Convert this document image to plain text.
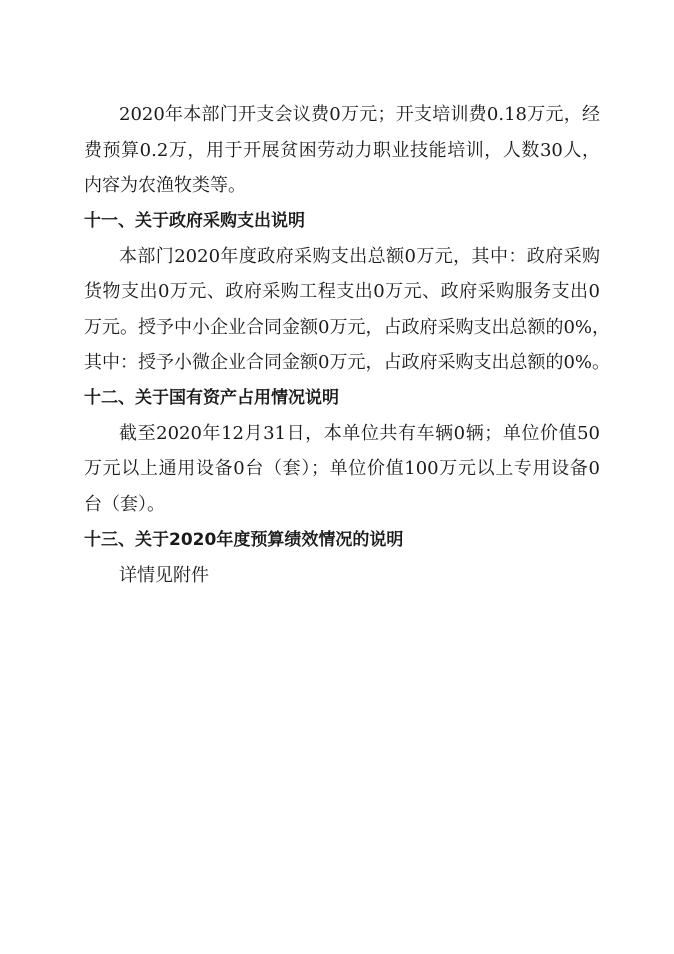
2020年本部门开支会议费0万元；开支培训费0.18万元，经
费预算0.2万，用于开展贫困劳动力职业技能培训，人数30人，
内容为农渔牧类等。
十一、关于政府采购支出说明
本部门2020年度政府采购支出总额0万元，其中：政府采购
货物支出0万元、政府采购工程支出0万元、政府采购服务支出0
万元。授予中小企业合同金额0万元，占政府采购支出总额的0%，
其中：授予小微企业合同金额0万元，占政府采购支出总额的0%。
十二、关于国有资产占用情况说明
截至2020年12月31日，本单位共有车辆0辆；单位价值50
万元以上通用设备0台（套）；单位价值100万元以上专用设备0
台（套）。
十三、关于2020年度预算绩效情况的说明
详情见附件
